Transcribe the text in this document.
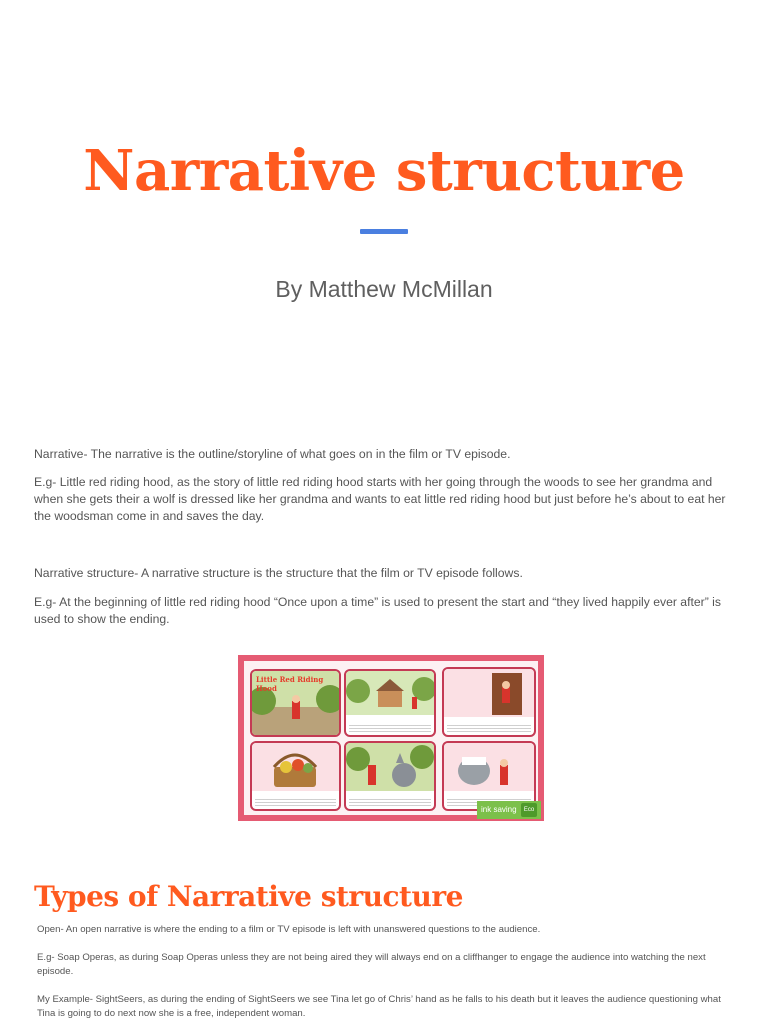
Narrative structure
By Matthew McMillan
Narrative- The narrative is the outline/storyline of what goes on in the film or TV episode.
E.g- Little red riding hood, as the story of little red riding hood starts with her going through the woods to see her grandma and when she gets their a wolf is dressed like her grandma and wants to eat little red riding hood but just before he’s about to eat her the woodsman come in and saves the day.
Narrative structure- A narrative structure is the structure that the film or TV episode follows.
E.g- At the beginning of little red riding hood “Once upon a time” is used to present the start and “they lived happily ever after” is used to show the ending.
Little Red Riding Hood
ink saving	Eco
Types of Narrative structure
Open- An open narrative is where the ending to a film or TV episode is left with unanswered questions to the audience.
E.g- Soap Operas, as during Soap Operas unless they are not being aired they will always end on a cliffhanger to engage the audience into watching the next episode.
My Example- SightSeers, as during the ending of SightSeers we see Tina let go of Chris’ hand as he falls to his death but it leaves the audience questioning what Tina is going to do next now she is a free, independent woman.
